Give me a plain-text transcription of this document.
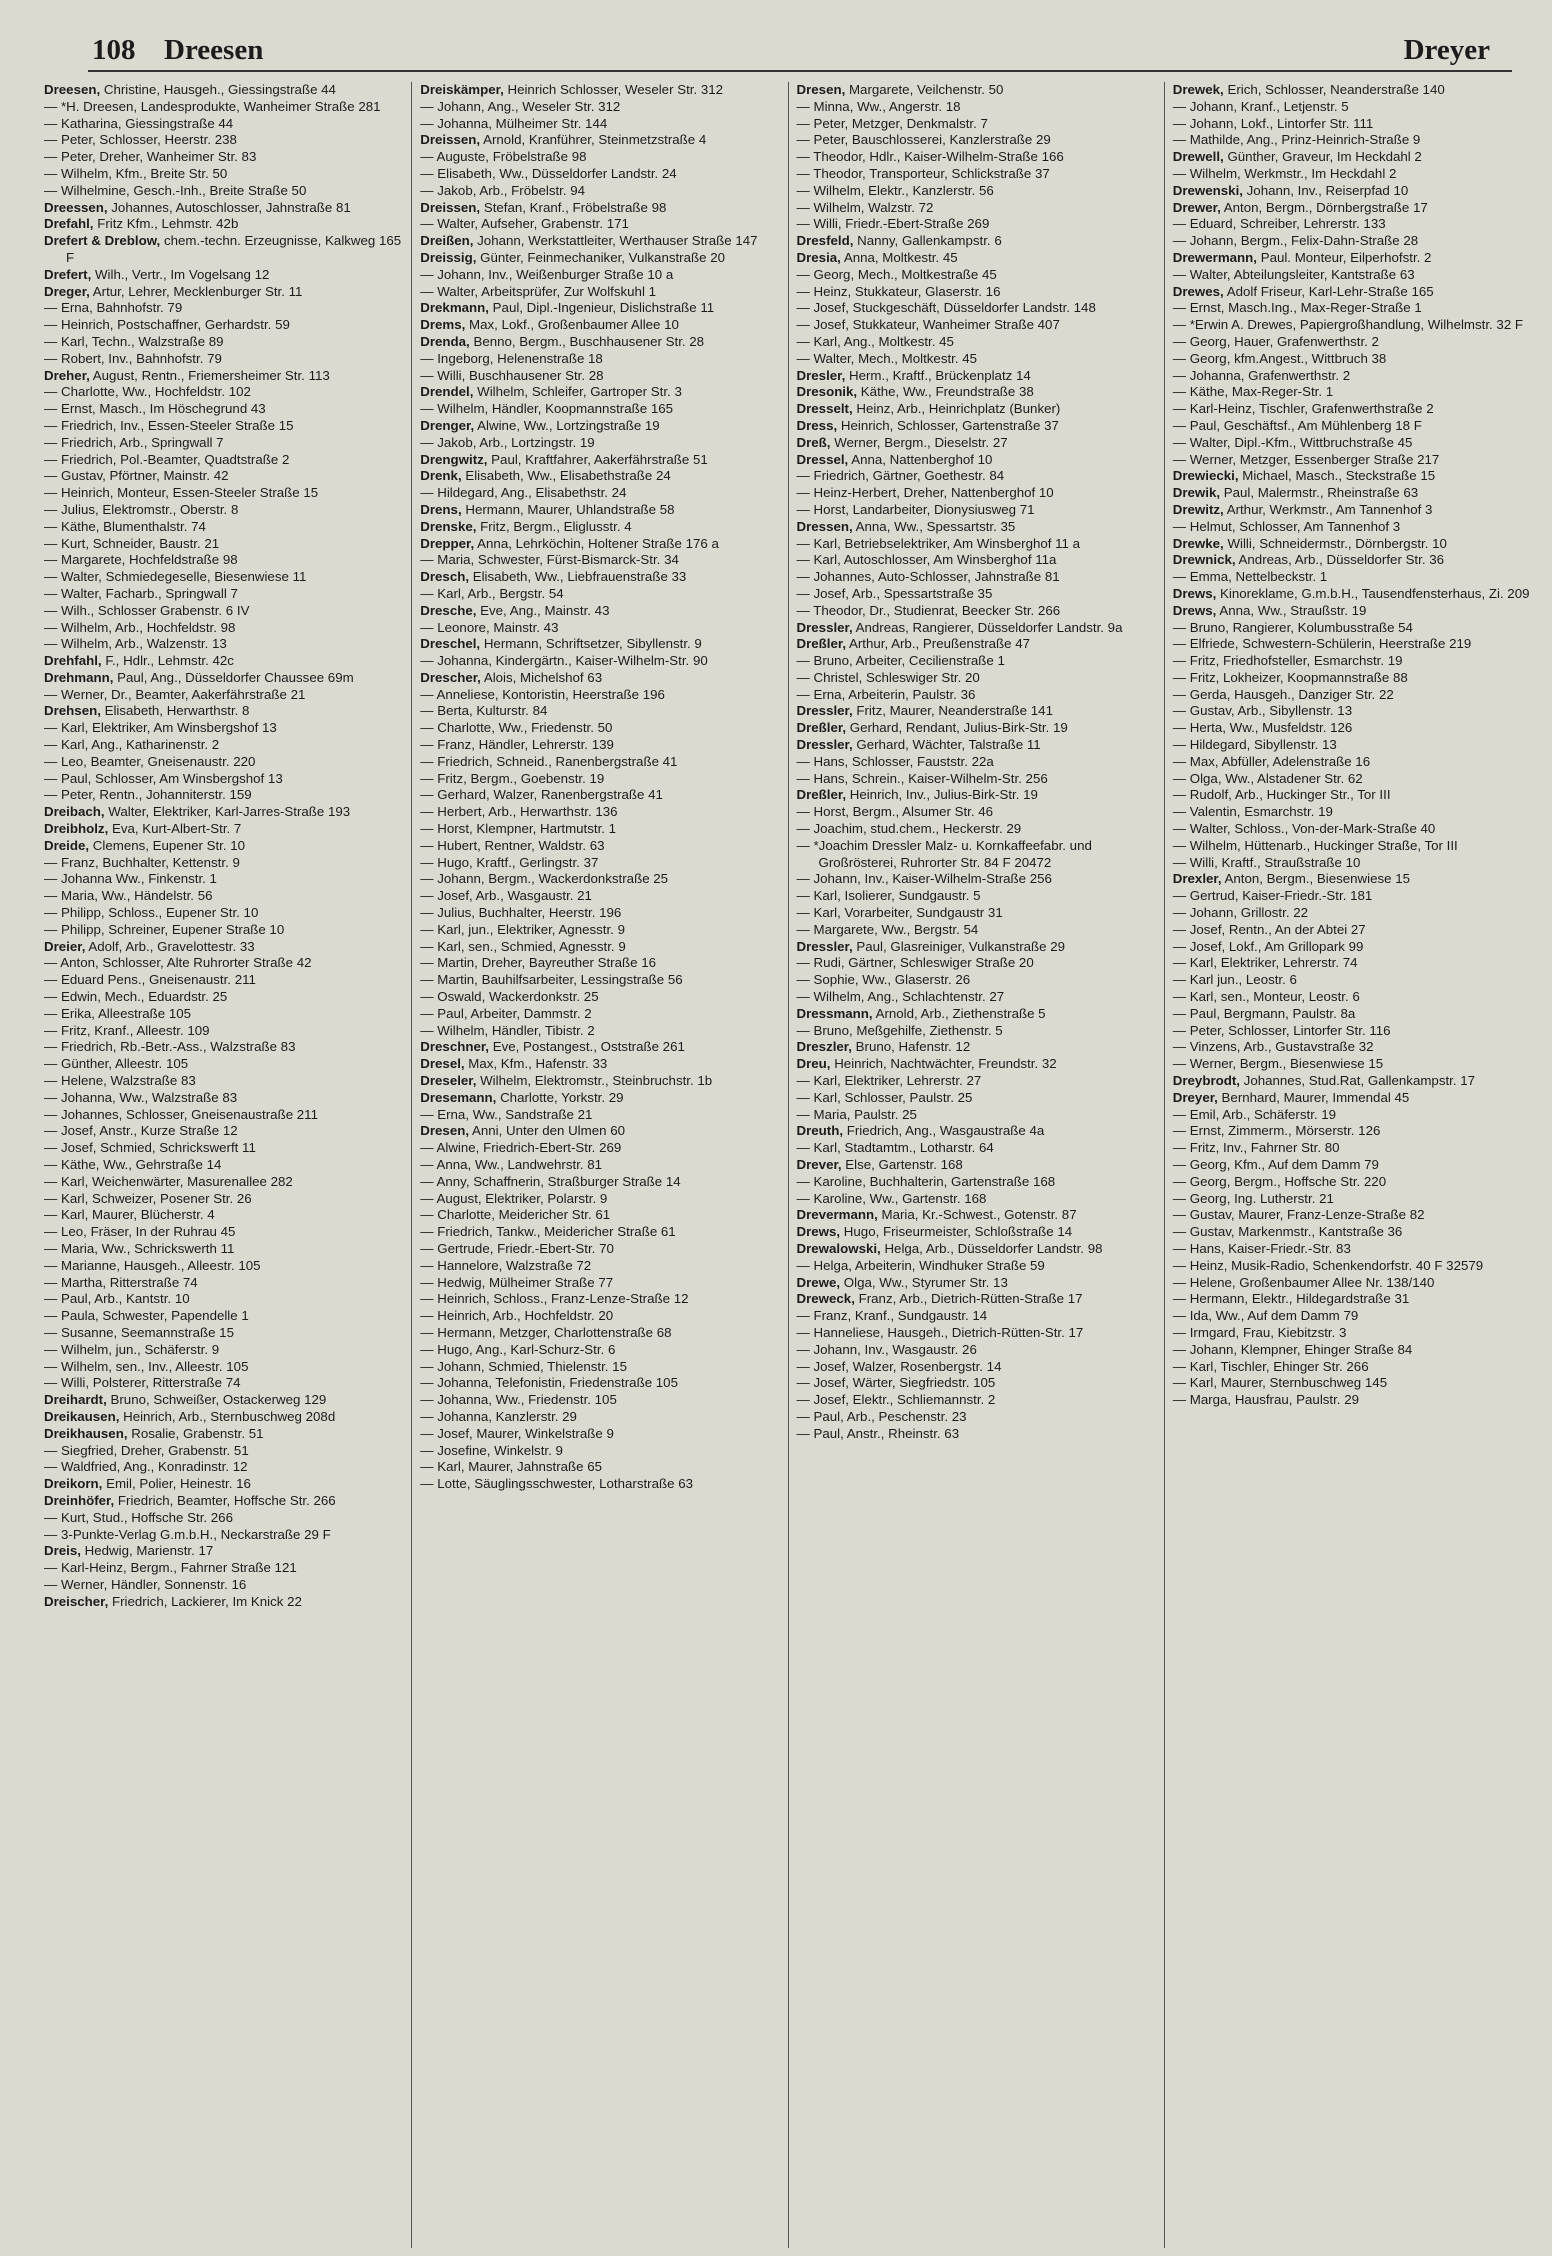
108 Dreesen	Dreyer
Dreesen, Christine, Hausgeh., Giessingstraße 44
— *H. Dreesen, Landesprodukte, Wanheimer Straße 281
— Katharina, Giessingstraße 44
— Peter, Schlosser, Heerstr. 238
— Peter, Dreher, Wanheimer Str. 83
— Wilhelm, Kfm., Breite Str. 50
— Wilhelmine, Gesch.-Inh., Breite Straße 50
Dreessen, Johannes, Autoschlosser, Jahnstraße 81
Drefahl, Fritz Kfm., Lehmstr. 42b
Drefert & Dreblow, chem.-techn. Erzeugnisse, Kalkweg 165 F
Drefert, Wilh., Vertr., Im Vogelsang 12
Dreger, Artur, Lehrer, Mecklenburger Str. 11
— Erna, Bahnhofstr. 79
— Heinrich, Postschaffner, Gerhardstr. 59
— Karl, Techn., Walzstraße 89
— Robert, Inv., Bahnhofstr. 79
Dreher, August, Rentn., Friemersheimer Str. 113
— Charlotte, Ww., Hochfeldstr. 102
— Ernst, Masch., Im Höschegrund 43
— Friedrich, Inv., Essen-Steeler Straße 15
— Friedrich, Arb., Springwall 7
— Friedrich, Pol.-Beamter, Quadtstraße 2
— Gustav, Pförtner, Mainstr. 42
— Heinrich, Monteur, Essen-Steeler Straße 15
— Julius, Elektromstr., Oberstr. 8
— Käthe, Blumenthalstr. 74
— Kurt, Schneider, Baustr. 21
— Margarete, Hochfeldstraße 98
— Walter, Schmiedegeselle, Biesenwiese 11
— Walter, Facharb., Springwall 7
— Wilh., Schlosser Grabenstr. 6 IV
— Wilhelm, Arb., Hochfeldstr. 98
— Wilhelm, Arb., Walzenstr. 13
Drehfahl, F., Hdlr., Lehmstr. 42c
Drehmann, Paul, Ang., Düsseldorfer Chaussee 69m
— Werner, Dr., Beamter, Aakerfährstraße 21
Drehsen, Elisabeth, Herwarthstr. 8
— Karl, Elektriker, Am Winsbergshof 13
— Karl, Ang., Katharinenstr. 2
— Leo, Beamter, Gneisenaustr. 220
— Paul, Schlosser, Am Winsbergshof 13
— Peter, Rentn., Johanniterstr. 159
Dreibach, Walter, Elektriker, Karl-Jarres-Straße 193
Dreibholz, Eva, Kurt-Albert-Str. 7
Dreide, Clemens, Eupener Str. 10
— Franz, Buchhalter, Kettenstr. 9
— Johanna Ww., Finkenstr. 1
— Maria, Ww., Händelstr. 56
— Philipp, Schloss., Eupener Str. 10
— Philipp, Schreiner, Eupener Straße 10
Dreier, Adolf, Arb., Gravelottestr. 33
— Anton, Schlosser, Alte Ruhrorter Straße 42
— Eduard Pens., Gneisenaustr. 211
— Edwin, Mech., Eduardstr. 25
— Erika, Alleestraße 105
— Fritz, Kranf., Alleestr. 109
— Friedrich, Rb.-Betr.-Ass., Walzstraße 83
— Günther, Alleestr. 105
— Helene, Walzstraße 83
— Johanna, Ww., Walzstraße 83
— Johannes, Schlosser, Gneisenaustraße 211
— Josef, Anstr., Kurze Straße 12
— Josef, Schmied, Schrickswerft 11
— Käthe, Ww., Gehrstraße 14
— Karl, Weichenwärter, Masurenallee 282
— Karl, Schweizer, Posener Str. 26
— Karl, Maurer, Blücherstr. 4
— Leo, Fräser, In der Ruhrau 45
— Maria, Ww., Schrickswerth 11
— Marianne, Hausgeh., Alleestr. 105
— Martha, Ritterstraße 74
— Paul, Arb., Kantstr. 10
— Paula, Schwester, Papendelle 1
— Susanne, Seemannstraße 15
— Wilhelm, jun., Schäferstr. 9
— Wilhelm, sen., Inv., Alleestr. 105
— Willi, Polsterer, Ritterstraße 74
Dreihardt, Bruno, Schweißer, Ostackerweg 129
Dreikausen, Heinrich, Arb., Sternbuschweg 208d
Dreikhausen, Rosalie, Grabenstr. 51
— Siegfried, Dreher, Grabenstr. 51
— Waldfried, Ang., Konradinstr. 12
Dreikorn, Emil, Polier, Heinestr. 16
Dreinhöfer, Friedrich, Beamter, Hoffsche Str. 266
— Kurt, Stud., Hoffsche Str. 266
— 3-Punkte-Verlag G.m.b.H., Neckarstraße 29 F
Dreis, Hedwig, Marienstr. 17
— Karl-Heinz, Bergm., Fahrner Straße 121
— Werner, Händler, Sonnenstr. 16
Dreischer, Friedrich, Lackierer, Im Knick 22
Dreiskämper, Heinrich Schlosser, Weseler Str. 312
— Johann, Ang., Weseler Str. 312
— Johanna, Mülheimer Str. 144
Dreissen, Arnold, Kranführer, Steinmetzstraße 4
— Auguste, Fröbelstraße 98
— Elisabeth, Ww., Düsseldorfer Landstr. 24
— Jakob, Arb., Fröbelstr. 94
Dreissen, Stefan, Kranf., Fröbelstraße 98
— Walter, Aufseher, Grabenstr. 171
Dreißen, Johann, Werkstattleiter, Werthauser Straße 147
Dreissig, Günter, Feinmechaniker, Vulkanstraße 20
— Johann, Inv., Weißenburger Straße 10 a
— Walter, Arbeitsprüfer, Zur Wolfskuhl 1
Drekmann, Paul, Dipl.-Ingenieur, Dislichstraße 11
Drems, Max, Lokf., Großenbaumer Allee 10
Drenda, Benno, Bergm., Buschhausener Str. 28
— Ingeborg, Helenenstraße 18
— Willi, Buschhausener Str. 28
Drendel, Wilhelm, Schleifer, Gartroper Str. 3
— Wilhelm, Händler, Koopmannstraße 165
Drenger, Alwine, Ww., Lortzingstraße 19
— Jakob, Arb., Lortzingstr. 19
Drengwitz, Paul, Kraftfahrer, Aakerfährstraße 51
Drenk, Elisabeth, Ww., Elisabethstraße 24
— Hildegard, Ang., Elisabethstr. 24
Drens, Hermann, Maurer, Uhlandstraße 58
Drenske, Fritz, Bergm., Eliglusstr. 4
Drepper, Anna, Lehrköchin, Holtener Straße 176 a
— Maria, Schwester, Fürst-Bismarck-Str. 34
Dresch, Elisabeth, Ww., Liebfrauenstraße 33
— Karl, Arb., Bergstr. 54
Dresche, Eve, Ang., Mainstr. 43
— Leonore, Mainstr. 43
Dreschel, Hermann, Schriftsetzer, Sibyllenstr. 9
— Johanna, Kindergärtn., Kaiser-Wilhelm-Str. 90
Drescher, Alois, Michelshof 63
— Anneliese, Kontoristin, Heerstraße 196
— Berta, Kulturstr. 84
— Charlotte, Ww., Friedenstr. 50
— Franz, Händler, Lehrerstr. 139
— Friedrich, Schneid., Ranenbergstraße 41
— Fritz, Bergm., Goebenstr. 19
— Gerhard, Walzer, Ranenbergstraße 41
— Herbert, Arb., Herwarthstr. 136
— Horst, Klempner, Hartmutstr. 1
— Hubert, Rentner, Waldstr. 63
— Hugo, Kraftf., Gerlingstr. 37
— Johann, Bergm., Wackerdonkstraße 25
— Josef, Arb., Wasgaustr. 21
— Julius, Buchhalter, Heerstr. 196
— Karl, jun., Elektriker, Agnesstr. 9
— Karl, sen., Schmied, Agnesstr. 9
— Martin, Dreher, Bayreuther Straße 16
— Martin, Bauhilfsarbeiter, Lessingstraße 56
— Oswald, Wackerdonkstr. 25
— Paul, Arbeiter, Dammstr. 2
— Wilhelm, Händler, Tibistr. 2
Dreschner, Eve, Postangest., Oststraße 261
Dresel, Max, Kfm., Hafenstr. 33
Dreseler, Wilhelm, Elektromstr., Steinbruchstr. 1b
Dresemann, Charlotte, Yorkstr. 29
— Erna, Ww., Sandstraße 21
Dresen, Anni, Unter den Ulmen 60
— Alwine, Friedrich-Ebert-Str. 269
— Anna, Ww., Landwehrstr. 81
— Anny, Schaffnerin, Straßburger Straße 14
— August, Elektriker, Polarstr. 9
— Charlotte, Meidericher Str. 61
— Friedrich, Tankw., Meidericher Straße 61
— Gertrude, Friedr.-Ebert-Str. 70
— Hannelore, Walzstraße 72
— Hedwig, Mülheimer Straße 77
— Heinrich, Schloss., Franz-Lenze-Straße 12
— Heinrich, Arb., Hochfeldstr. 20
— Hermann, Metzger, Charlottenstraße 68
— Hugo, Ang., Karl-Schurz-Str. 6
— Johann, Schmied, Thielenstr. 15
— Johanna, Telefonistin, Friedenstraße 105
— Johanna, Ww., Friedenstr. 105
— Johanna, Kanzlerstr. 29
— Josef, Maurer, Winkelstraße 9
— Josefine, Winkelstr. 9
— Karl, Maurer, Jahnstraße 65
— Lotte, Säuglingsschwester, Lotharstraße 63
Dresen, Margarete, Veilchenstr. 50
— Minna, Ww., Angerstr. 18
— Peter, Metzger, Denkmalstr. 7
— Peter, Bauschlosserei, Kanzlerstraße 29
— Theodor, Hdlr., Kaiser-Wilhelm-Straße 166
— Theodor, Transporteur, Schlickstraße 37
— Wilhelm, Elektr., Kanzlerstr. 56
— Wilhelm, Walzstr. 72
— Willi, Friedr.-Ebert-Straße 269
Dresfeld, Nanny, Gallenkampstr. 6
Dresia, Anna, Moltkestr. 45
— Georg, Mech., Moltkestraße 45
— Heinz, Stukkateur, Glaserstr. 16
— Josef, Stuckgeschäft, Düsseldorfer Landstr. 148
— Josef, Stukkateur, Wanheimer Straße 407
— Karl, Ang., Moltkestr. 45
— Walter, Mech., Moltkestr. 45
Dresler, Herm., Kraftf., Brückenplatz 14
Dresonik, Käthe, Ww., Freundstraße 38
Dresselt, Heinz, Arb., Heinrichplatz (Bunker)
Dress, Heinrich, Schlosser, Gartenstraße 37
Dreß, Werner, Bergm., Dieselstr. 27
Dressel, Anna, Nattenberghof 10
— Friedrich, Gärtner, Goethestr. 84
— Heinz-Herbert, Dreher, Nattenberghof 10
— Horst, Landarbeiter, Dionysiusweg 71
Dressen, Anna, Ww., Spessartstr. 35
— Karl, Betriebselektriker, Am Winsberghof 11 a
— Karl, Autoschlosser, Am Winsberghof 11a
— Johannes, Auto-Schlosser, Jahnstraße 81
— Josef, Arb., Spessartstraße 35
— Theodor, Dr., Studienrat, Beecker Str. 266
Dressler, Andreas, Rangierer, Düsseldorfer Landstr. 9a
Dreßler, Arthur, Arb., Preußenstraße 47
— Bruno, Arbeiter, Cecilienstraße 1
— Christel, Schleswiger Str. 20
— Erna, Arbeiterin, Paulstr. 36
Dressler, Fritz, Maurer, Neanderstraße 141
Dreßler, Gerhard, Rendant, Julius-Birk-Str. 19
Dressler, Gerhard, Wächter, Talstraße 11
— Hans, Schlosser, Fauststr. 22a
— Hans, Schrein., Kaiser-Wilhelm-Str. 256
Dreßler, Heinrich, Inv., Julius-Birk-Str. 19
— Horst, Bergm., Alsumer Str. 46
— Joachim, stud.chem., Heckerstr. 29
— *Joachim Dressler Malz- u. Kornkaffeefabr. und Großrösterei, Ruhrorter Str. 84 F 20472
— Johann, Inv., Kaiser-Wilhelm-Straße 256
— Karl, Isolierer, Sundgaustr. 5
— Karl, Vorarbeiter, Sundgaustr 31
— Margarete, Ww., Bergstr. 54
Dressler, Paul, Glasreiniger, Vulkanstraße 29
— Rudi, Gärtner, Schleswiger Straße 20
— Sophie, Ww., Glaserstr. 26
— Wilhelm, Ang., Schlachtenstr. 27
Dressmann, Arnold, Arb., Ziethenstraße 5
— Bruno, Meßgehilfe, Ziethenstr. 5
Dreszler, Bruno, Hafenstr. 12
Dreu, Heinrich, Nachtwächter, Freundstr. 32
— Karl, Elektriker, Lehrerstr. 27
— Karl, Schlosser, Paulstr. 25
— Maria, Paulstr. 25
Dreuth, Friedrich, Ang., Wasgaustraße 4a
— Karl, Stadtamtm., Lotharstr. 64
Drever, Else, Gartenstr. 168
— Karoline, Buchhalterin, Gartenstraße 168
— Karoline, Ww., Gartenstr. 168
Drevermann, Maria, Kr.-Schwest., Gotenstr. 87
Drews, Hugo, Friseurmeister, Schloßstraße 14
Drewalowski, Helga, Arb., Düsseldorfer Landstr. 98
— Helga, Arbeiterin, Windhuker Straße 59
Drewe, Olga, Ww., Styrumer Str. 13
Dreweck, Franz, Arb., Dietrich-Rütten-Straße 17
— Franz, Kranf., Sundgaustr. 14
— Hanneliese, Hausgeh., Dietrich-Rütten-Str. 17
— Johann, Inv., Wasgaustr. 26
— Josef, Walzer, Rosenbergstr. 14
— Josef, Wärter, Siegfriedstr. 105
— Josef, Elektr., Schliemannstr. 2
— Paul, Arb., Peschenstr. 23
— Paul, Anstr., Rheinstr. 63
Drewek, Erich, Schlosser, Neanderstraße 140
— Johann, Kranf., Letjenstr. 5
— Johann, Lokf., Lintorfer Str. 111
— Mathilde, Ang., Prinz-Heinrich-Straße 9
Drewell, Günther, Graveur, Im Heckdahl 2
— Wilhelm, Werkmstr., Im Heckdahl 2
Drewenski, Johann, Inv., Reiserpfad 10
Drewer, Anton, Bergm., Dörnbergstraße 17
— Eduard, Schreiber, Lehrerstr. 133
— Johann, Bergm., Felix-Dahn-Straße 28
Drewermann, Paul. Monteur, Eilperhofstr. 2
— Walter, Abteilungsleiter, Kantstraße 63
Drewes, Adolf Friseur, Karl-Lehr-Straße 165
— Ernst, Masch.Ing., Max-Reger-Straße 1
— *Erwin A. Drewes, Papiergroßhandlung, Wilhelmstr. 32 F
— Georg, Hauer, Grafenwerthstr. 2
— Georg, kfm.Angest., Wittbruch 38
— Johanna, Grafenwerthstr. 2
— Käthe, Max-Reger-Str. 1
— Karl-Heinz, Tischler, Grafenwerthstraße 2
— Paul, Geschäftsf., Am Mühlenberg 18 F
— Walter, Dipl.-Kfm., Wittbruchstraße 45
— Werner, Metzger, Essenberger Straße 217
Drewiecki, Michael, Masch., Steckstraße 15
Drewik, Paul, Malermstr., Rheinstraße 63
Drewitz, Arthur, Werkmstr., Am Tannenhof 3
— Helmut, Schlosser, Am Tannenhof 3
Drewke, Willi, Schneidermstr., Dörnbergstr. 10
Drewnick, Andreas, Arb., Düsseldorfer Str. 36
— Emma, Nettelbeckstr. 1
Drews, Kinoreklame, G.m.b.H., Tausendfensterhaus, Zi. 209
Drews, Anna, Ww., Straußstr. 19
— Bruno, Rangierer, Kolumbusstraße 54
— Elfriede, Schwestern-Schülerin, Heerstraße 219
— Fritz, Friedhofsteller, Esmarchstr. 19
— Fritz, Lokheizer, Koopmannstraße 88
— Gerda, Hausgeh., Danziger Str. 22
— Gustav, Arb., Sibyllenstr. 13
— Herta, Ww., Musfeldstr. 126
— Hildegard, Sibyllenstr. 13
— Max, Abfüller, Adelenstraße 16
— Olga, Ww., Alstadener Str. 62
— Rudolf, Arb., Huckinger Str., Tor III
— Valentin, Esmarchstr. 19
— Walter, Schloss., Von-der-Mark-Straße 40
— Wilhelm, Hüttenarb., Huckinger Straße, Tor III
— Willi, Kraftf., Straußstraße 10
Drexler, Anton, Bergm., Biesenwiese 15
— Gertrud, Kaiser-Friedr.-Str. 181
— Johann, Grillostr. 22
— Josef, Rentn., An der Abtei 27
— Josef, Lokf., Am Grillopark 99
— Karl, Elektriker, Lehrerstr. 74
— Karl jun., Leostr. 6
— Karl, sen., Monteur, Leostr. 6
— Paul, Bergmann, Paulstr. 8a
— Peter, Schlosser, Lintorfer Str. 116
— Vinzens, Arb., Gustavstraße 32
— Werner, Bergm., Biesenwiese 15
Dreybrodt, Johannes, Stud.Rat, Gallenkampstr. 17
Dreyer, Bernhard, Maurer, Immendal 45
— Emil, Arb., Schäferstr. 19
— Ernst, Zimmerm., Mörserstr. 126
— Fritz, Inv., Fahrner Str. 80
— Georg, Kfm., Auf dem Damm 79
— Georg, Bergm., Hoffsche Str. 220
— Georg, Ing. Lutherstr. 21
— Gustav, Maurer, Franz-Lenze-Straße 82
— Gustav, Markenmstr., Kantstraße 36
— Hans, Kaiser-Friedr.-Str. 83
— Heinz, Musik-Radio, Schenkendorfstr. 40 F 32579
— Helene, Großenbaumer Allee Nr. 138/140
— Hermann, Elektr., Hildegardstraße 31
— Ida, Ww., Auf dem Damm 79
— Irmgard, Frau, Kiebitzstr. 3
— Johann, Klempner, Ehinger Straße 84
— Karl, Tischler, Ehinger Str. 266
— Karl, Maurer, Sternbuschweg 145
— Marga, Hausfrau, Paulstr. 29
